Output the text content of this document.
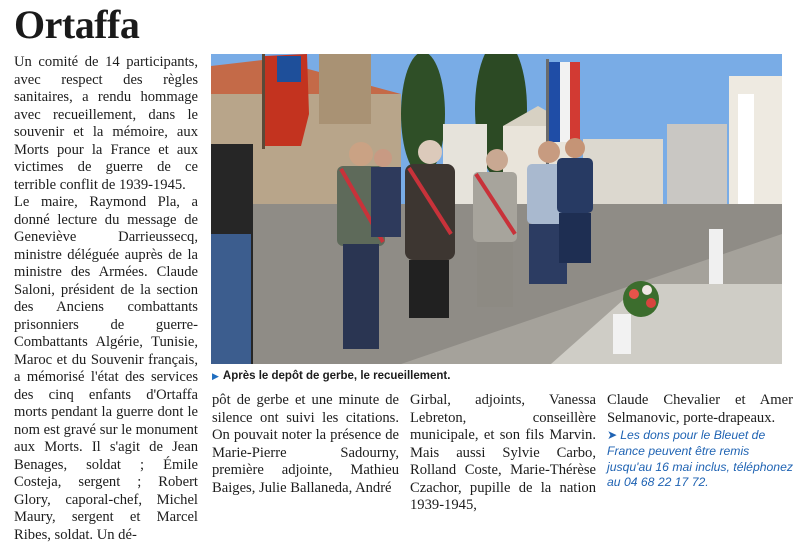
Ortaffa

Un comité de 14 participants, avec respect des règles sanitaires, a rendu hommage avec recueillement, dans le souvenir et la mémoire, aux Morts pour la France et aux victimes de guerre de ce terrible conflit de 1939-1945.

Le maire, Raymond Pla, a donné lecture du message de Geneviève Darrieussecq, ministre déléguée auprès de la ministre des Armées. Claude Saloni, président de la section des Anciens combattants prisonniers de guerre-Combattants Algérie, Tunisie, Maroc et du Souvenir français, a mémorisé l'état des services des cinq enfants d'Ortaffa morts pendant la guerre dont le nom est gravé sur le monument aux Morts. Il s'agit de Jean Benages, soldat ; Émile Costeja, sergent ; Robert Glory, caporal-chef, Michel Maury, sergent et Marcel Ribes, soldat. Un dé-

▶ Après le depôt de gerbe, le recueillement.

pôt de gerbe et une minute de silence ont suivi les citations. On pouvait noter la présence de Marie-Pierre Sadourny, première adjointe, Mathieu Baiges, Julie Ballaneda, André

Girbal, adjoints, Vanessa Lebreton, conseillère municipale, et son fils Marvin. Mais aussi Sylvie Carbo, Rolland Coste, Marie-Thérèse Czachor, pupille de la nation 1939-1945,

Claude Chevalier et Amer Selmanovic, porte-drapeaux.

➤ Les dons pour le Bleuet de France peuvent être remis jusqu'au 16 mai inclus, téléphonez au 04 68 22 17 72.
